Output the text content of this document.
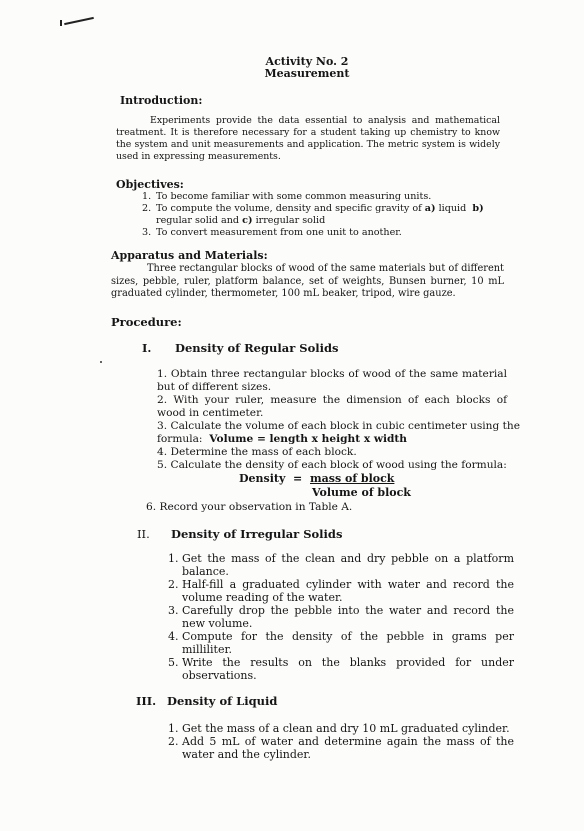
Activity No. 2
Measurement
Introduction:
Experiments provide the data essential to analysis and mathematical treatment. It is therefore necessary for a student taking up chemistry to know the system and unit measurements and application. The metric system is widely used in expressing measurements.
Objectives:
1. To become familiar with some common measuring units.
2. To compute the volume, density and specific gravity of a) liquid  b)
regular solid and c) irregular solid
3. To convert measurement from one unit to another.
Apparatus and Materials:
Three rectangular blocks of wood of the same materials but of different sizes, pebble, ruler, platform balance, set of weights, Bunsen burner, 10 mL graduated cylinder, thermometer, 100 mL beaker, tripod, wire gauze.
Procedure:
I. Density of Regular Solids
1. Obtain three rectangular blocks of wood of the same material but of different sizes.
2. With your ruler, measure the dimension of each blocks of wood in centimeter.
3. Calculate the volume of each block in cubic centimeter using the
formula: Volume = length x height x width
4. Determine the mass of each block.
5. Calculate the density of each block of wood using the formula:
Density = mass of block
Volume of block
6. Record your observation in Table A.
II. Density of Irregular Solids
1. Get the mass of the clean and dry pebble on a platform balance.
2. Half-fill a graduated cylinder with water and record the volume reading of the water.
3. Carefully drop the pebble into the water and record the new volume.
4. Compute for the density of the pebble in grams per milliliter.
5. Write the results on the blanks provided for under observations.
III. Density of Liquid
1. Get the mass of a clean and dry 10 mL graduated cylinder.
2. Add 5 mL of water and determine again the mass of the water and the cylinder.
